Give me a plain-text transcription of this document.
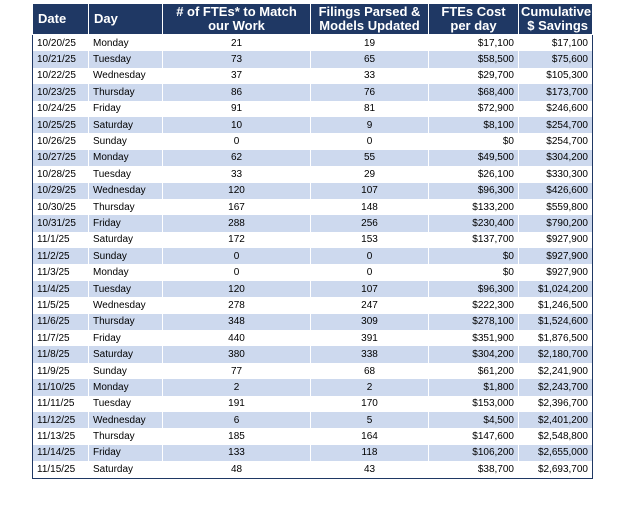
Date	Day	# of FTEs* to Match our Work	Filings Parsed & Models Updated	FTEs Cost per day	Cumulative $ Savings
10/20/25	Monday	21	19	$17,100	$17,100
10/21/25	Tuesday	73	65	$58,500	$75,600
10/22/25	Wednesday	37	33	$29,700	$105,300
10/23/25	Thursday	86	76	$68,400	$173,700
10/24/25	Friday	91	81	$72,900	$246,600
10/25/25	Saturday	10	9	$8,100	$254,700
10/26/25	Sunday	0	0	$0	$254,700
10/27/25	Monday	62	55	$49,500	$304,200
10/28/25	Tuesday	33	29	$26,100	$330,300
10/29/25	Wednesday	120	107	$96,300	$426,600
10/30/25	Thursday	167	148	$133,200	$559,800
10/31/25	Friday	288	256	$230,400	$790,200
11/1/25	Saturday	172	153	$137,700	$927,900
11/2/25	Sunday	0	0	$0	$927,900
11/3/25	Monday	0	0	$0	$927,900
11/4/25	Tuesday	120	107	$96,300	$1,024,200
11/5/25	Wednesday	278	247	$222,300	$1,246,500
11/6/25	Thursday	348	309	$278,100	$1,524,600
11/7/25	Friday	440	391	$351,900	$1,876,500
11/8/25	Saturday	380	338	$304,200	$2,180,700
11/9/25	Sunday	77	68	$61,200	$2,241,900
11/10/25	Monday	2	2	$1,800	$2,243,700
11/11/25	Tuesday	191	170	$153,000	$2,396,700
11/12/25	Wednesday	6	5	$4,500	$2,401,200
11/13/25	Thursday	185	164	$147,600	$2,548,800
11/14/25	Friday	133	118	$106,200	$2,655,000
11/15/25	Saturday	48	43	$38,700	$2,693,700
